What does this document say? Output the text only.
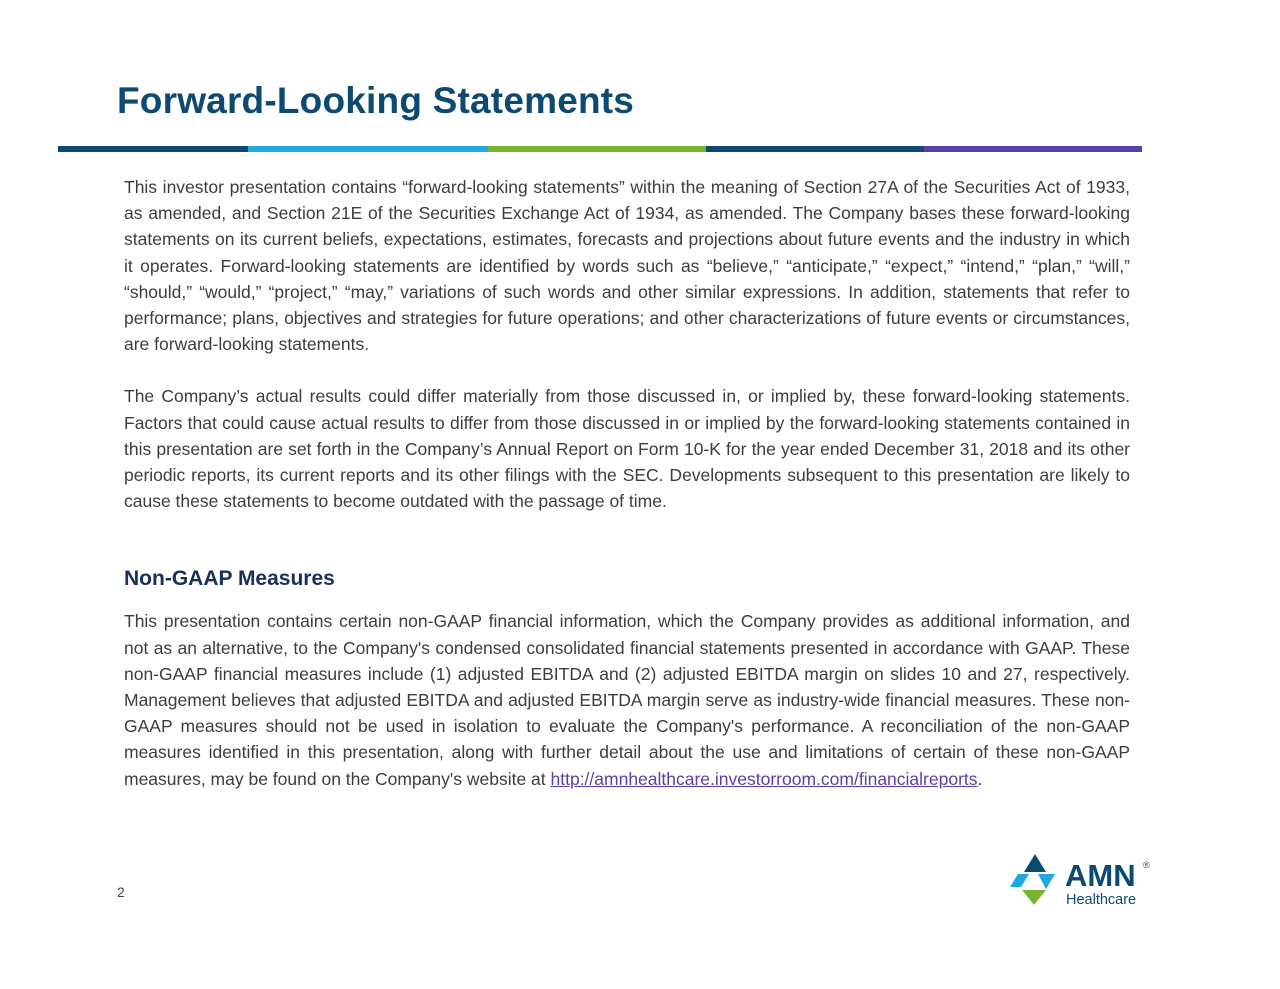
Forward-Looking Statements

This investor presentation contains “forward-looking statements” within the meaning of Section 27A of the Securities Act of 1933, as amended, and Section 21E of the Securities Exchange Act of 1934, as amended. The Company bases these forward-looking statements on its current beliefs, expectations, estimates, forecasts and projections about future events and the industry in which it operates. Forward-looking statements are identified by words such as “believe,” “anticipate,” “expect,” “intend,” “plan,” “will,” “should,” “would,” “project,” “may,” variations of such words and other similar expressions. In addition, statements that refer to performance; plans, objectives and strategies for future operations; and other characterizations of future events or circumstances, are forward-looking statements.

The Company’s actual results could differ materially from those discussed in, or implied by, these forward-looking statements. Factors that could cause actual results to differ from those discussed in or implied by the forward-looking statements contained in this presentation are set forth in the Company’s Annual Report on Form 10-K for the year ended December 31, 2018 and its other periodic reports, its current reports and its other filings with the SEC. Developments subsequent to this presentation are likely to cause these statements to become outdated with the passage of time.

Non-GAAP Measures

This presentation contains certain non-GAAP financial information, which the Company provides as additional information, and not as an alternative, to the Company's condensed consolidated financial statements presented in accordance with GAAP. These non-GAAP financial measures include (1) adjusted EBITDA and (2) adjusted EBITDA margin on slides 10 and 27, respectively. Management believes that adjusted EBITDA and adjusted EBITDA margin serve as industry-wide financial measures. These non-GAAP measures should not be used in isolation to evaluate the Company's performance. A reconciliation of the non-GAAP measures identified in this presentation, along with further detail about the use and limitations of certain of these non-GAAP measures, may be found on the Company's website at http://amnhealthcare.investorroom.com/financialreports.

2	AMN ®
Healthcare
